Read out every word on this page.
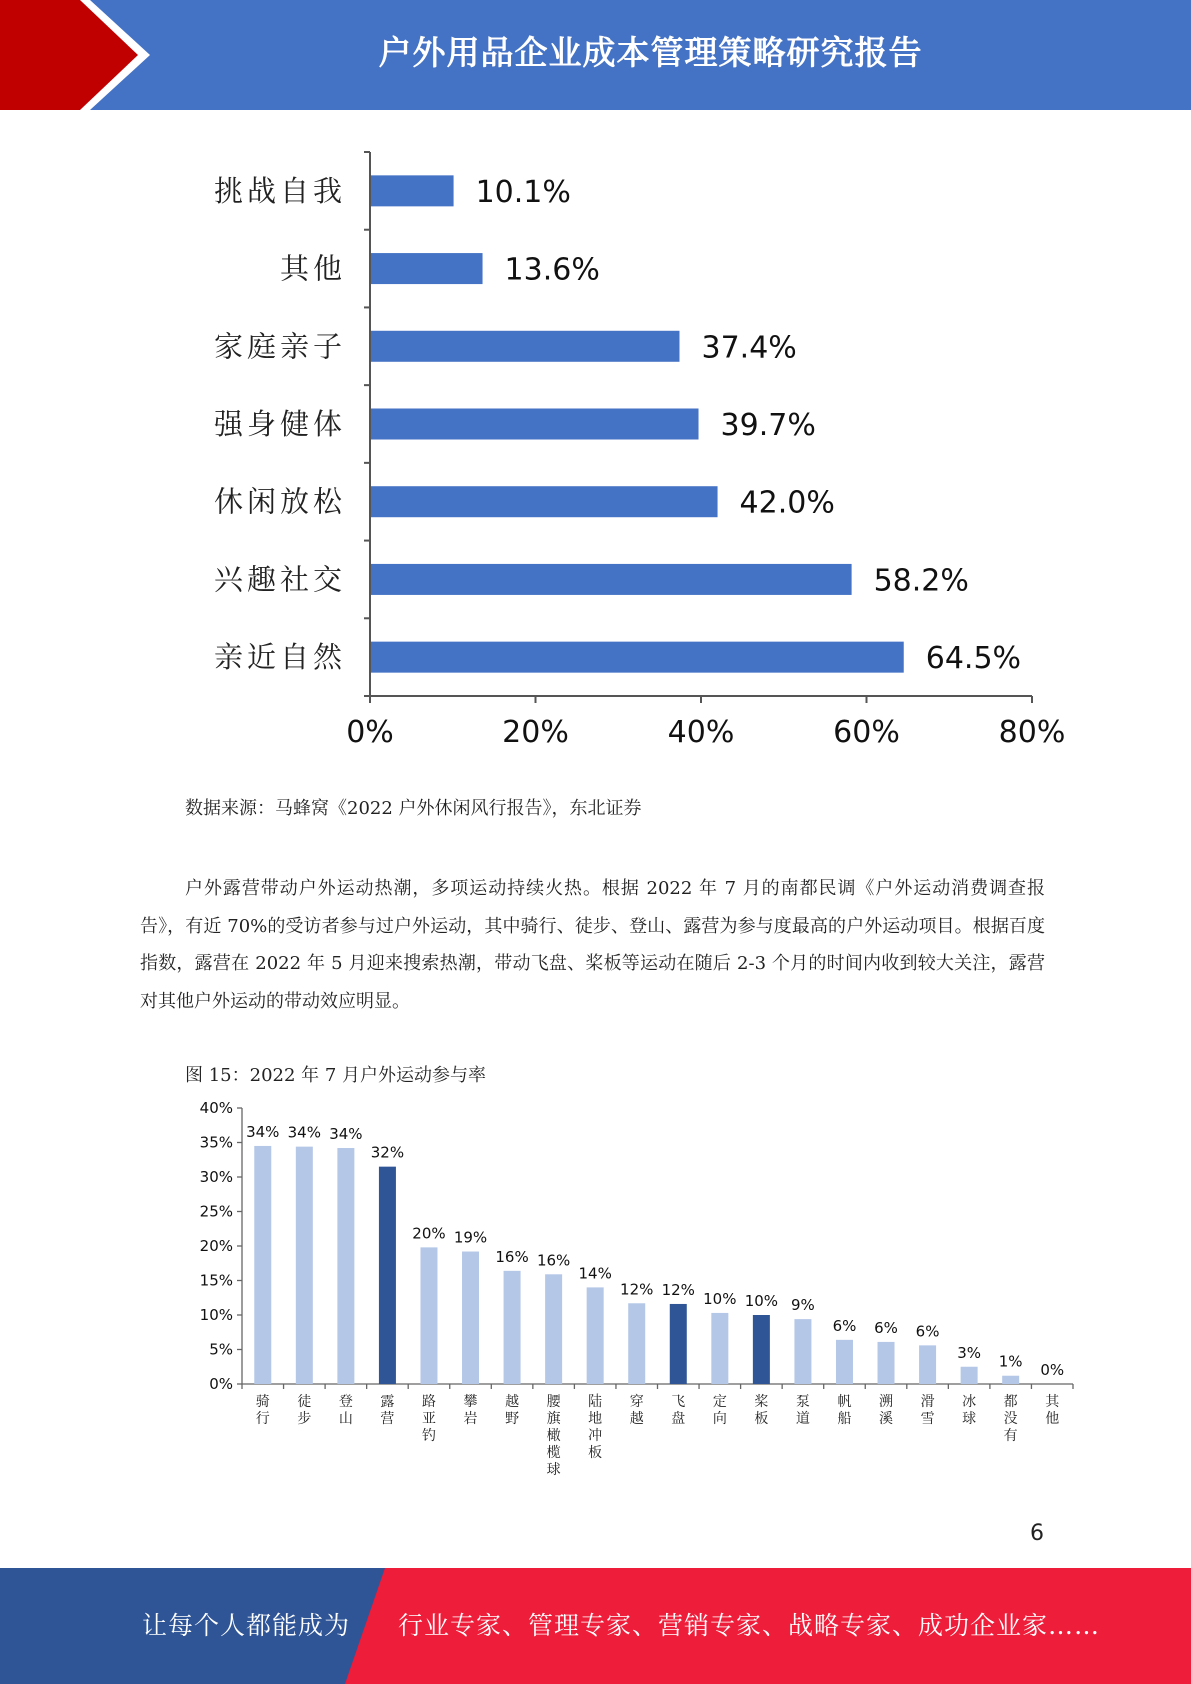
户外用品企业成本管理策略研究报告
0%	20%	40%	60%	80%
挑战自我	10.1%
其他	13.6%
家庭亲子	37.4%
强身健体	39.7%
休闲放松	42.0%
兴趣社交	58.2%
亲近自然	64.5%
数据来源：马蜂窝《2022 户外休闲风行报告》，东北证券

户外露营带动户外运动热潮，多项运动持续火热。根据 2022 年 7 月的南都民调《户外运动消费调查报告》，有近 70%的受访者参与过户外运动，其中骑行、徒步、登山、露营为参与度最高的户外运动项目。根据百度指数，露营在 2022 年 5 月迎来搜索热潮，带动飞盘、桨板等运动在随后 2-3 个月的时间内收到较大关注，露营对其他户外运动的带动效应明显。

图 15：2022 年 7 月户外运动参与率
0%
5%
10%
15%
20%
25%
30%
35%
40%
34%
骑行
34%
徒步
34%
登山
32%
露营
20%
路亚钓
19%
攀岩
16%
越野
16%
腰旗橄榄球
14%
陆地冲板
12%
穿越
12%
飞盘
10%
定向
10%
桨板
9%
泵道
6%
帆船
6%
溯溪
6%
滑雪
3%
冰球
1%
都没有
0%
其他
6
让每个人都能成为 行业专家、管理专家、营销专家、战略专家、成功企业家……
